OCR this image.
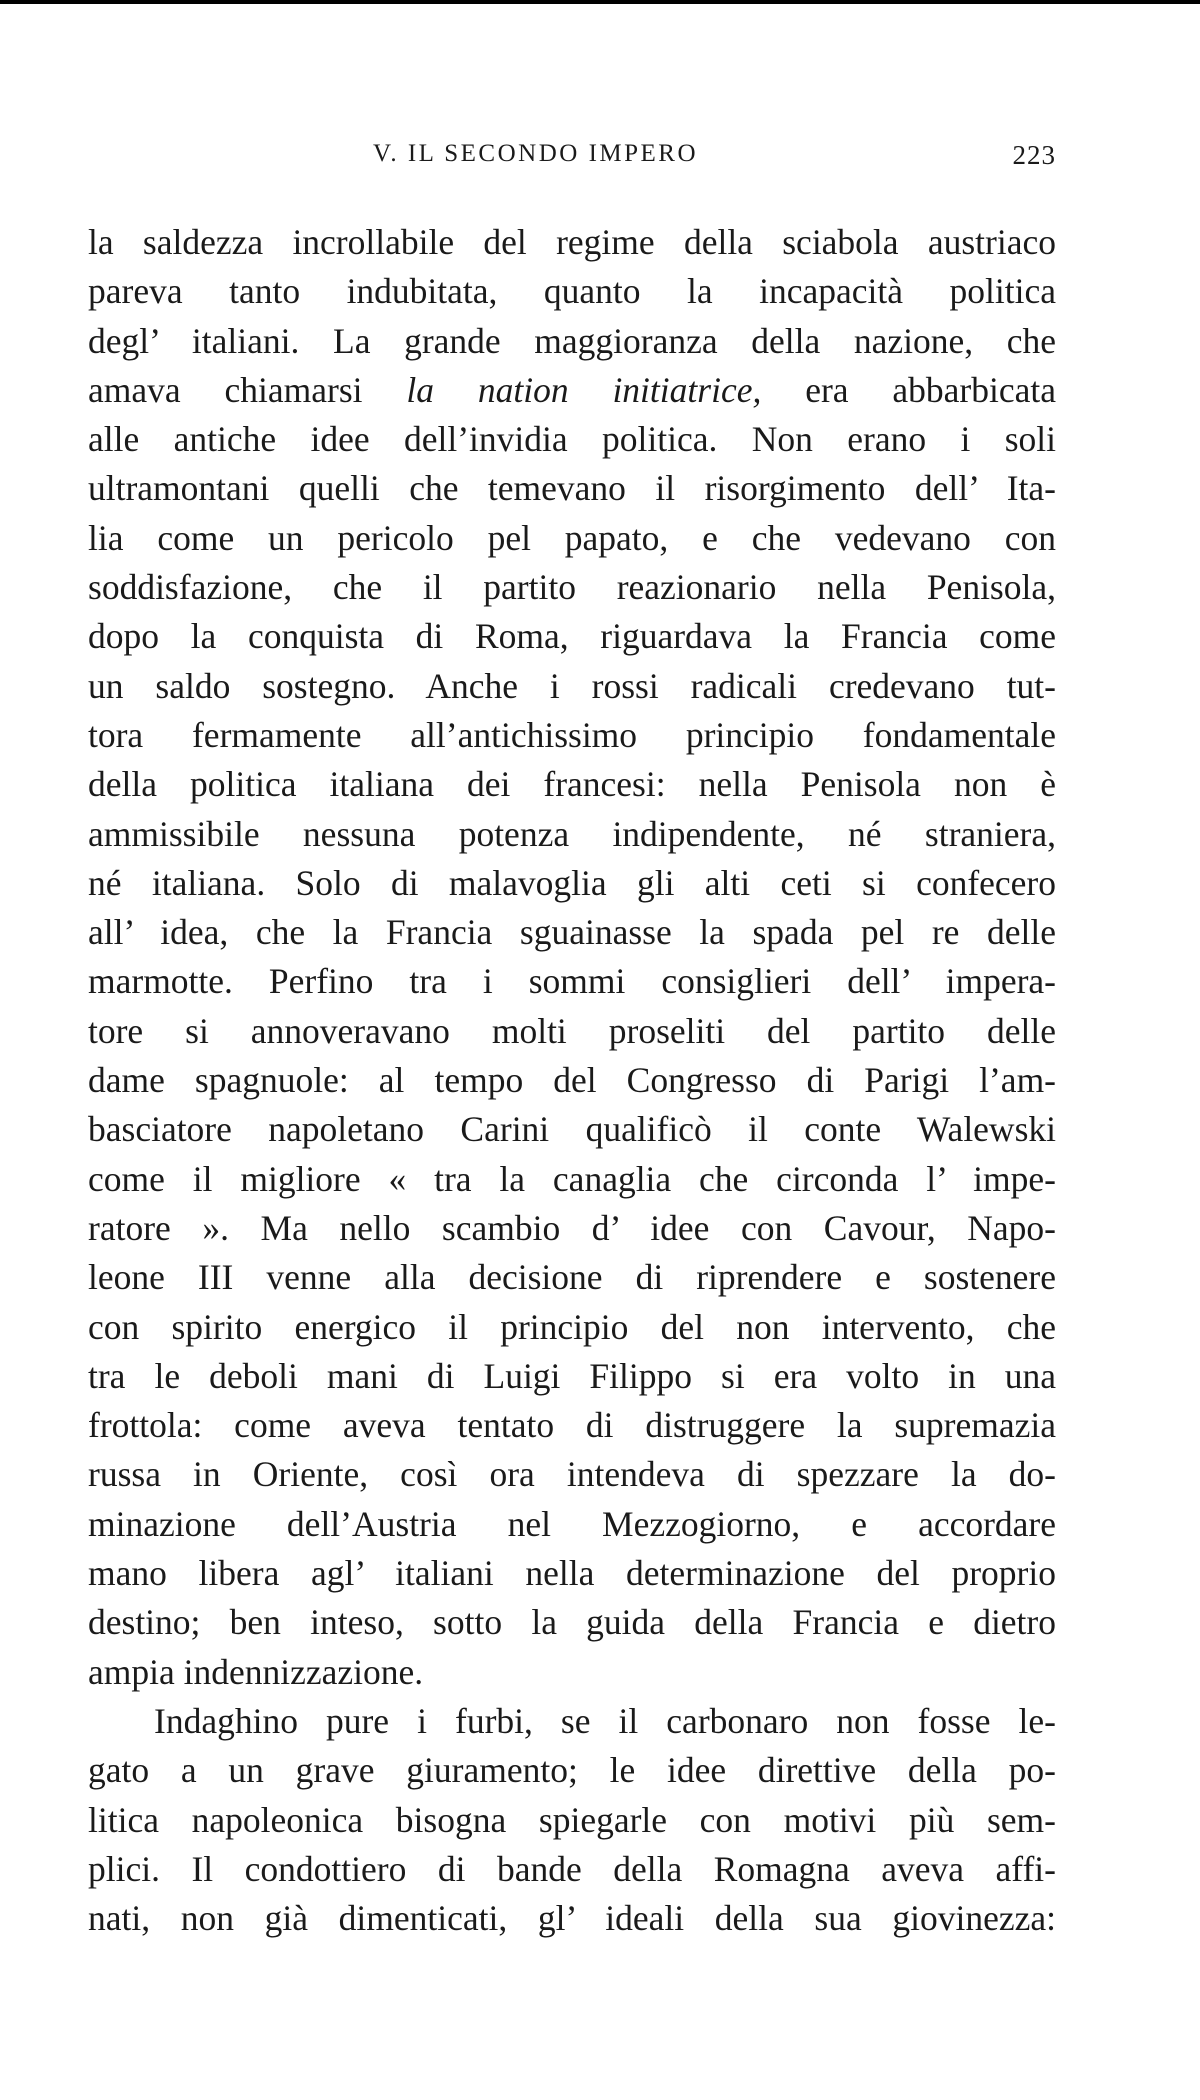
V. IL SECONDO IMPERO	223
la saldezza incrollabile del regime della sciabola austriaco
pareva tanto indubitata, quanto la incapacità politica
degl’ italiani. La grande maggioranza della nazione, che
amava chiamarsi la nation initiatrice, era abbarbicata
alle antiche idee dell’invidia politica. Non erano i soli
ultramontani quelli che temevano il risorgimento dell’ Ita-
lia come un pericolo pel papato, e che vedevano con
soddisfazione, che il partito reazionario nella Penisola,
dopo la conquista di Roma, riguardava la Francia come
un saldo sostegno. Anche i rossi radicali credevano tut-
tora fermamente all’antichissimo principio fondamentale
della politica italiana dei francesi: nella Penisola non è
ammissibile nessuna potenza indipendente, né straniera,
né italiana. Solo di malavoglia gli alti ceti si confecero
all’ idea, che la Francia sguainasse la spada pel re delle
marmotte. Perfino tra i sommi consiglieri dell’ impera-
tore si annoveravano molti proseliti del partito delle
dame spagnuole: al tempo del Congresso di Parigi l’am-
basciatore napoletano Carini qualificò il conte Walewski
come il migliore « tra la canaglia che circonda l’ impe-
ratore ». Ma nello scambio d’ idee con Cavour, Napo-
leone III venne alla decisione di riprendere e sostenere
con spirito energico il principio del non intervento, che
tra le deboli mani di Luigi Filippo si era volto in una
frottola: come aveva tentato di distruggere la supremazia
russa in Oriente, così ora intendeva di spezzare la do-
minazione dell’Austria nel Mezzogiorno, e accordare
mano libera agl’ italiani nella determinazione del proprio
destino; ben inteso, sotto la guida della Francia e dietro
ampia indennizzazione.
Indaghino pure i furbi, se il carbonaro non fosse le-
gato a un grave giuramento; le idee direttive della po-
litica napoleonica bisogna spiegarle con motivi più sem-
plici. Il condottiero di bande della Romagna aveva affi-
nati, non già dimenticati, gl’ ideali della sua giovinezza:
